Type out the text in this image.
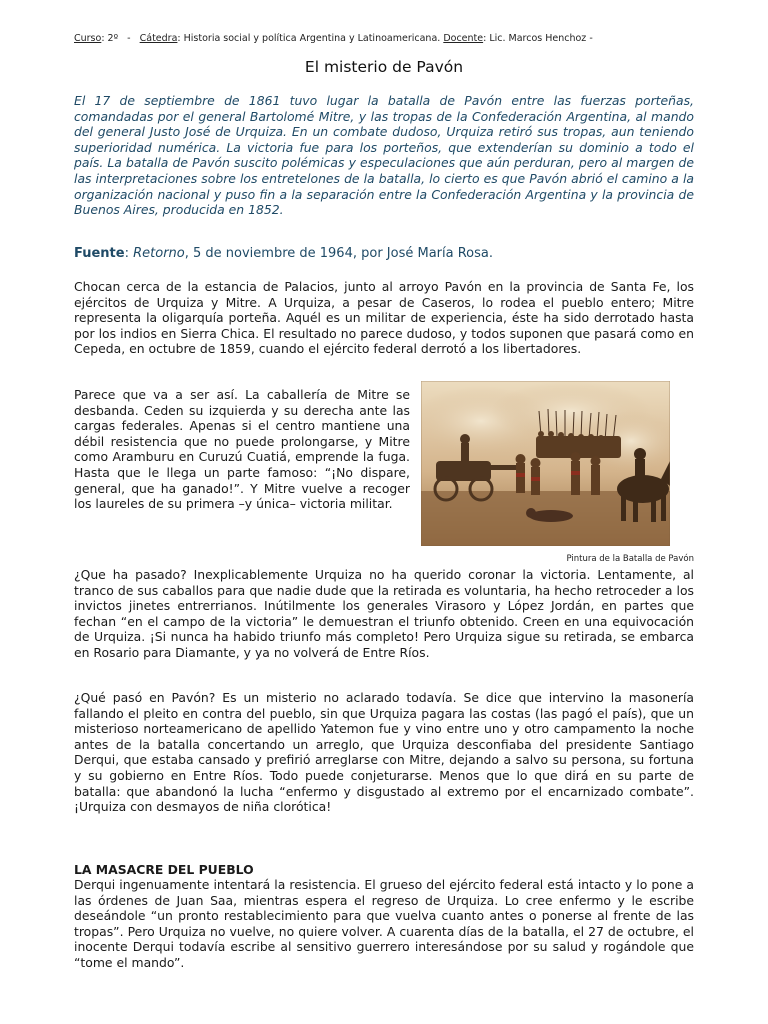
Curso: 2º   -   Cátedra: Historia social y política Argentina y Latinoamericana. Docente: Lic. Marcos Henchoz -
El misterio de Pavón
El 17 de septiembre de 1861 tuvo lugar la batalla de Pavón entre las fuerzas porteñas, comandadas por el general Bartolomé Mitre, y las tropas de la Confederación Argentina, al mando del general Justo José de Urquiza. En un combate dudoso, Urquiza retiró sus tropas, aun teniendo superioridad numérica. La victoria fue para los porteños, que extenderían su dominio a todo el país. La batalla de Pavón suscito polémicas y especulaciones que aún perduran, pero al margen de las interpretaciones sobre los entretelones de la batalla, lo cierto es que Pavón abrió el camino a la organización nacional y puso fin a la separación entre la Confederación Argentina y la provincia de Buenos Aires, producida en 1852.
Fuente: Retorno, 5 de noviembre de 1964, por José María Rosa.
Chocan cerca de la estancia de Palacios, junto al arroyo Pavón en la provincia de Santa Fe, los ejércitos de Urquiza y Mitre. A Urquiza, a pesar de Caseros, lo rodea el pueblo entero; Mitre representa la oligarquía porteña. Aquél es un militar de experiencia, éste ha sido derrotado hasta por los indios en Sierra Chica. El resultado no parece dudoso, y todos suponen que pasará como en Cepeda, en octubre de 1859, cuando el ejército federal derrotó a los libertadores.
Parece que va a ser así. La caballería de Mitre se desbanda. Ceden su izquierda y su derecha ante las cargas federales. Apenas si el centro mantiene una débil resistencia que no puede prolongarse, y Mitre como Aramburu en Curuzú Cuatiá, emprende la fuga. Hasta que le llega un parte famoso: “¡No dispare, general, que ha ganado!”. Y Mitre vuelve a recoger los laureles de su primera –y única– victoria militar.
Pintura de la Batalla de Pavón
¿Que ha pasado? Inexplicablemente Urquiza no ha querido coronar la victoria. Lentamente, al tranco de sus caballos para que nadie dude que la retirada es voluntaria, ha hecho retroceder a los invictos jinetes entrerrianos. Inútilmente los generales Virasoro y López Jordán, en partes que fechan “en el campo de la victoria” le demuestran el triunfo obtenido. Creen en una equivocación de Urquiza. ¡Si nunca ha habido triunfo más completo! Pero Urquiza sigue su retirada, se embarca en Rosario para Diamante, y ya no volverá de Entre Ríos.
¿Qué pasó en Pavón? Es un misterio no aclarado todavía. Se dice que intervino la masonería fallando el pleito en contra del pueblo, sin que Urquiza pagara las costas (las pagó el país), que un misterioso norteamericano de apellido Yatemon fue y vino entre uno y otro campamento la noche antes de la batalla concertando un arreglo, que Urquiza desconfiaba del presidente Santiago Derqui, que estaba cansado y prefirió arreglarse con Mitre, dejando a salvo su persona, su fortuna y su gobierno en Entre Ríos. Todo puede conjeturarse. Menos que lo que dirá en su parte de batalla: que abandonó la lucha “enfermo y disgustado al extremo por el encarnizado combate”. ¡Urquiza con desmayos de niña clorótica!
LA MASACRE DEL PUEBLO
Derqui ingenuamente intentará la resistencia. El grueso del ejército federal está intacto y lo pone a las órdenes de Juan Saa, mientras espera el regreso de Urquiza. Lo cree enfermo y le escribe deseándole “un pronto restablecimiento para que vuelva cuanto antes o ponerse al frente de las tropas”. Pero Urquiza no vuelve, no quiere volver. A cuarenta días de la batalla, el 27 de octubre, el inocente Derqui todavía escribe al sensitivo guerrero interesándose por su salud y rogándole que “tome el mando”.
